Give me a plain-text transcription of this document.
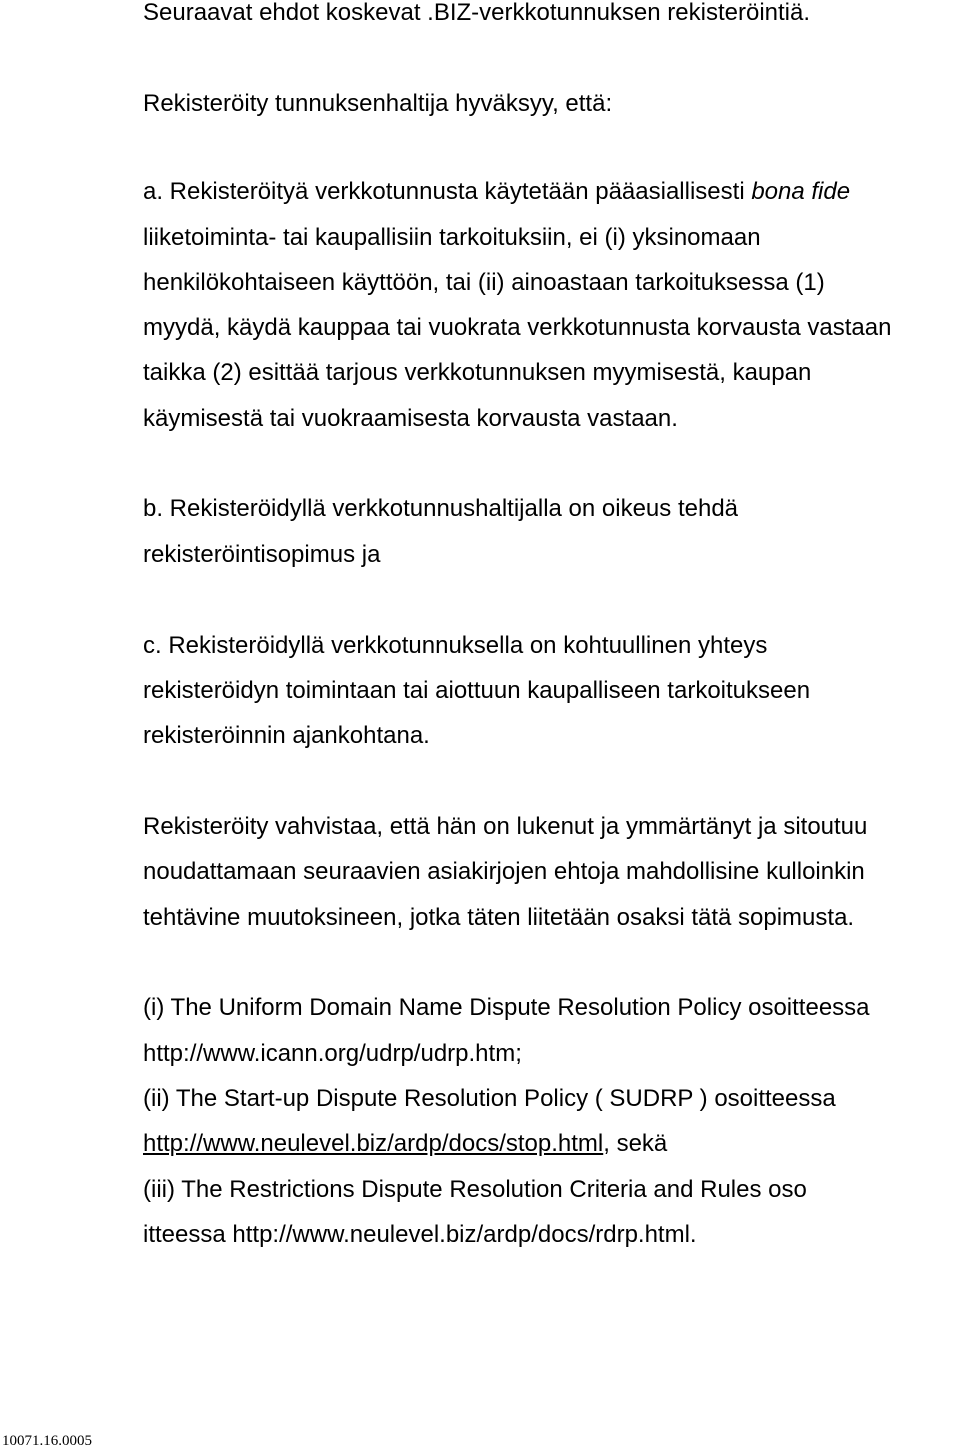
Seuraavat ehdot koskevat .BIZ-verkkotunnuksen rekisteröintiä.

Rekisteröity tunnuksenhaltija hyväksyy, että:

a. Rekisteröityä verkkotunnusta käytetään pääasiallisesti bona fide

liiketoiminta- tai kaupallisiin tarkoituksiin, ei (i) yksinomaan

henkilökohtaiseen käyttöön, tai (ii) ainoastaan tarkoituksessa (1)

myydä, käydä kauppaa tai vuokrata verkkotunnusta korvausta vastaan

taikka (2) esittää tarjous verkkotunnuksen myymisestä, kaupan

käymisestä tai vuokraamisesta korvausta vastaan.

b. Rekisteröidyllä verkkotunnushaltijalla on oikeus tehdä

rekisteröintisopimus ja

c. Rekisteröidyllä verkkotunnuksella on kohtuullinen yhteys

rekisteröidyn toimintaan tai aiottuun kaupalliseen tarkoitukseen

rekisteröinnin ajankohtana.

Rekisteröity vahvistaa, että hän on lukenut ja ymmärtänyt ja sitoutuu

noudattamaan seuraavien asiakirjojen ehtoja mahdollisine kulloinkin

tehtävine muutoksineen, jotka täten liitetään osaksi tätä sopimusta.

(i) The Uniform Domain Name Dispute Resolution Policy osoitteessa

http://www.icann.org/udrp/udrp.htm;

(ii) The Start-up Dispute Resolution Policy ( SUDRP ) osoitteessa

http://www.neulevel.biz/ardp/docs/stop.html, sekä

(iii) The Restrictions Dispute Resolution Criteria and Rules oso

itteessa http://www.neulevel.biz/ardp/docs/rdrp.html.

10071.16.0005
